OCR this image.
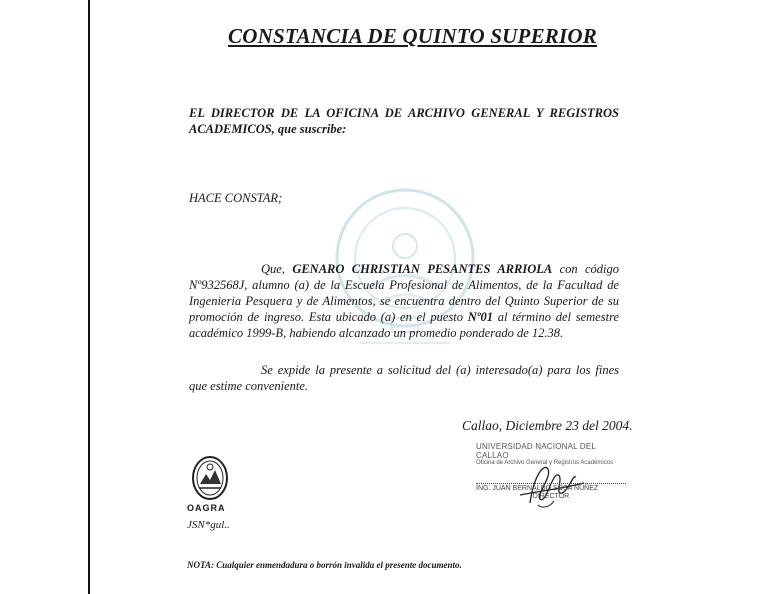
CONSTANCIA DE QUINTO SUPERIOR
EL DIRECTOR DE LA OFICINA DE ARCHIVO GENERAL Y REGISTROS ACADEMICOS, que suscribe:
HACE CONSTAR;
Que, GENARO CHRISTIAN PESANTES ARRIOLA con código Nº932568J, alumno (a) de la Escuela Profesional de Alimentos, de la Facultad de Ingenieria Pesquera y de Alimentos, se encuentra dentro del Quinto Superior de su promoción de ingreso. Esta ubicado (a) en el puesto Nº01 al término del semestre académico 1999-B, habiendo alcanzado un promedio ponderado de 12.38.
Se expide la presente a solicitud del (a) interesado(a) para los fines que estime conveniente.
Callao, Diciembre 23 del 2004.
UNIVERSIDAD NACIONAL DEL CALLAO
Oficina de Archivo General y Registros Académicos
ING. JUAN BERNALDO SOSA NUÑEZ
DIRECTOR
OAGRA
JSN*gul..
NOTA: Cualquier enmendadura o borrón invalida el presente documento.
